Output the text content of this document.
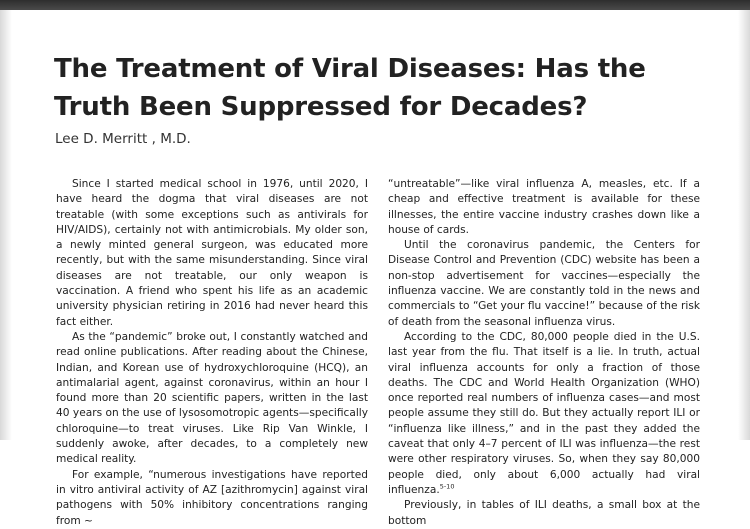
The Treatment of Viral Diseases: Has the Truth Been Suppressed for Decades?
Lee D. Merritt , M.D.

Since I started medical school in 1976, until 2020, I have heard the dogma that viral diseases are not treatable (with some exceptions such as antivirals for HIV/AIDS), certainly not with antimicrobials. My older son, a newly minted general surgeon, was educated more recently, but with the same misunderstanding. Since viral diseases are not treatable, our only weapon is vaccination. A friend who spent his life as an academic university physician retiring in 2016 had never heard this fact either.

As the “pandemic” broke out, I constantly watched and read online publications. After reading about the Chinese, Indian, and Korean use of hydroxychloroquine (HCQ), an antimalarial agent, against coronavirus, within an hour I found more than 20 scientific papers, written in the last 40 years on the use of lysosomotropic agents—specifically chloroquine—to treat viruses. Like Rip Van Winkle, I suddenly awoke, after decades, to a completely new medical reality.

For example, “numerous investigations have reported in vitro antiviral activity of AZ [azithromycin] against viral pathogens with 50% inhibitory concentrations ranging from ~

“untreatable”—like viral influenza A, measles, etc. If a cheap and effective treatment is available for these illnesses, the entire vaccine industry crashes down like a house of cards.

Until the coronavirus pandemic, the Centers for Disease Control and Prevention (CDC) website has been a non-stop advertisement for vaccines—especially the influenza vaccine. We are constantly told in the news and commercials to “Get your flu vaccine!” because of the risk of death from the seasonal influenza virus.

According to the CDC, 80,000 people died in the U.S. last year from the flu. That itself is a lie. In truth, actual viral influenza accounts for only a fraction of those deaths. The CDC and World Health Organization (WHO) once reported real numbers of influenza cases—and most people assume they still do. But they actually report ILI or “influenza like illness,” and in the past they added the caveat that only 4–7 percent of ILI was influenza—the rest were other respiratory viruses. So, when they say 80,000 people died, only about 6,000 actually had viral influenza.$^{5-10}$

Previously, in tables of ILI deaths, a small box at the bottom
